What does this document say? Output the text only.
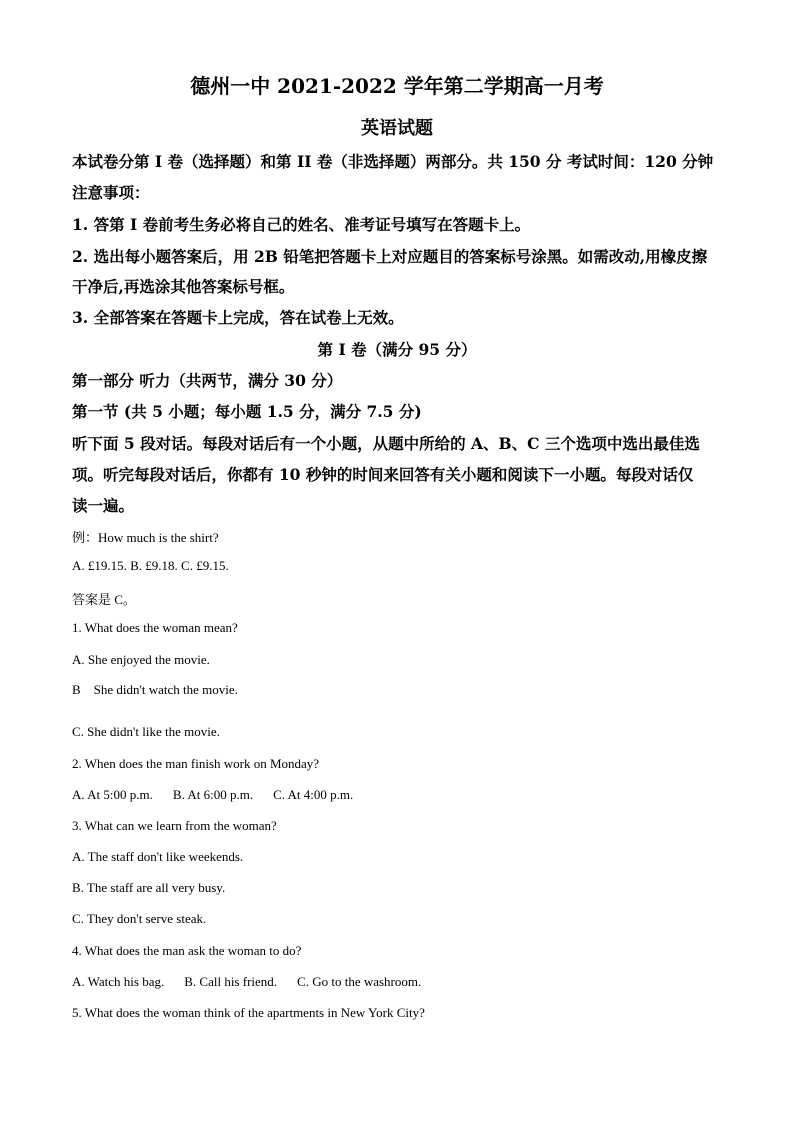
德州一中 2021-2022 学年第二学期高一月考
英语试题
本试卷分第 I 卷（选择题）和第 II 卷（非选择题）两部分。共 150 分 考试时间：120 分钟
注意事项：
1. 答第 I 卷前考生务必将自己的姓名、准考证号填写在答题卡上。
2. 选出每小题答案后，用 2B 铅笔把答题卡上对应题目的答案标号涂黑。如需改动,用橡皮擦
干净后,再选涂其他答案标号框。
3. 全部答案在答题卡上完成，答在试卷上无效。
第 I 卷（满分 95 分）
第一部分 听力（共两节，满分 30 分）
第一节 (共 5 小题；每小题 1.5 分，满分 7.5 分)
听下面 5 段对话。每段对话后有一个小题，从题中所给的 A、B、C 三个选项中选出最佳选
项。听完每段对话后，你都有 10 秒钟的时间来回答有关小题和阅读下一小题。每段对话仅
读一遍。
例：How much is the shirt?
A. £19.15. B. £9.18. C. £9.15.
答案是 C。
1. What does the woman mean?
A. She enjoyed the movie.
B    She didn't watch the movie.
C. She didn't like the movie.
2. When does the man finish work on Monday?
A. At 5:00 p.m. B. At 6:00 p.m. C. At 4:00 p.m.
3. What can we learn from the woman?
A. The staff don't like weekends.
B. The staff are all very busy.
C. They don't serve steak.
4. What does the man ask the woman to do?
A. Watch his bag. B. Call his friend. C. Go to the washroom.
5. What does the woman think of the apartments in New York City?
